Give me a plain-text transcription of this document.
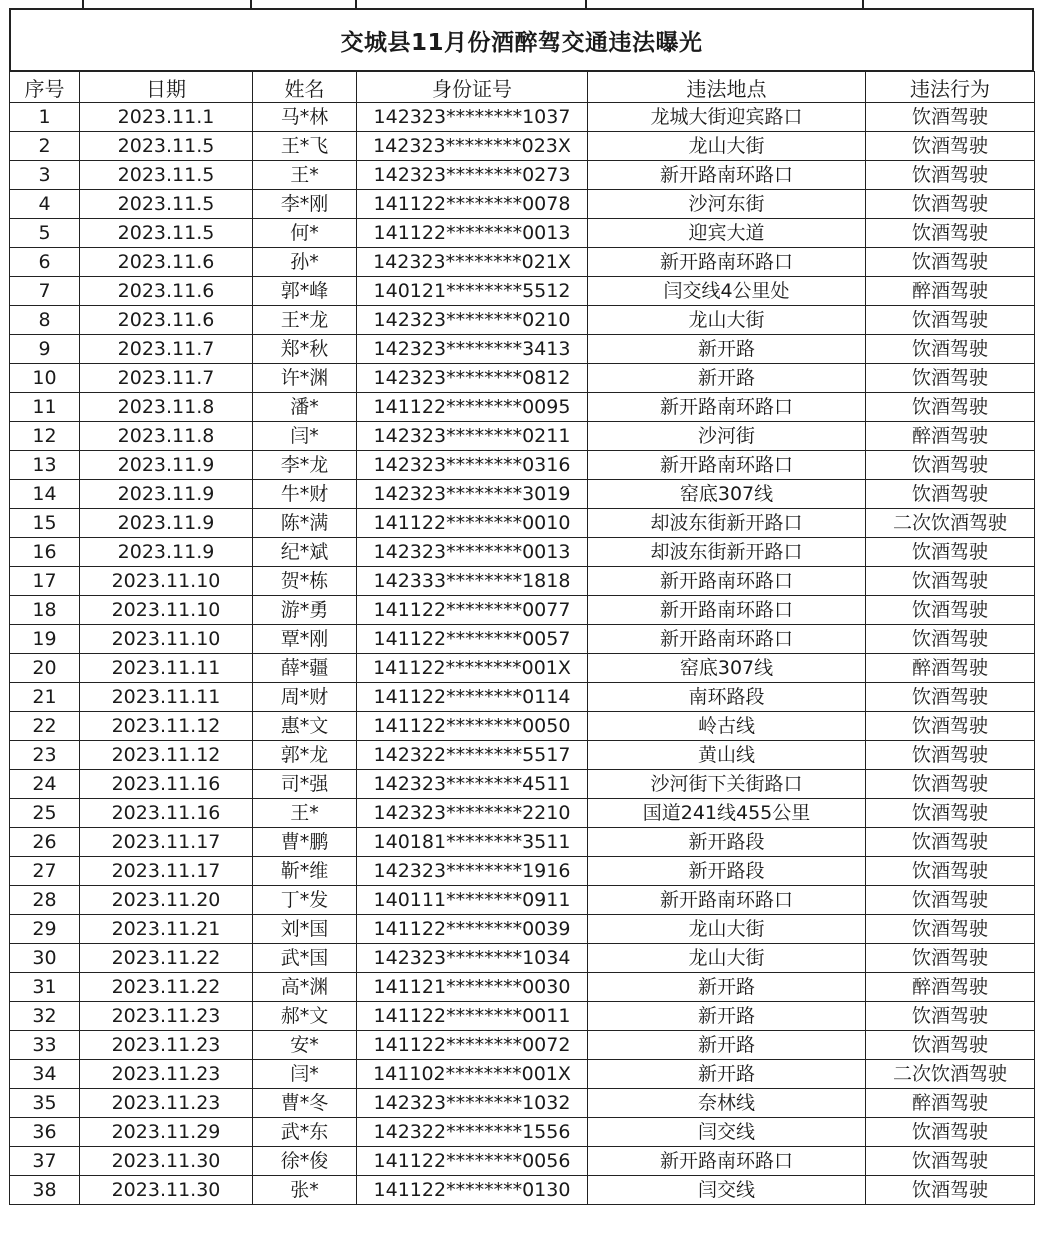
交城县11月份酒醉驾交通违法曝光
序号	日期	姓名	身份证号	违法地点	违法行为
1	2023.11.1	马*林	142323********1037	龙城大街迎宾路口	饮酒驾驶
2	2023.11.5	王*飞	142323********023X	龙山大街	饮酒驾驶
3	2023.11.5	王*	142323********0273	新开路南环路口	饮酒驾驶
4	2023.11.5	李*刚	141122********0078	沙河东街	饮酒驾驶
5	2023.11.5	何*	141122********0013	迎宾大道	饮酒驾驶
6	2023.11.6	孙*	142323********021X	新开路南环路口	饮酒驾驶
7	2023.11.6	郭*峰	140121********5512	闫交线4公里处	醉酒驾驶
8	2023.11.6	王*龙	142323********0210	龙山大街	饮酒驾驶
9	2023.11.7	郑*秋	142323********3413	新开路	饮酒驾驶
10	2023.11.7	许*渊	142323********0812	新开路	饮酒驾驶
11	2023.11.8	潘*	141122********0095	新开路南环路口	饮酒驾驶
12	2023.11.8	闫*	142323********0211	沙河街	醉酒驾驶
13	2023.11.9	李*龙	142323********0316	新开路南环路口	饮酒驾驶
14	2023.11.9	牛*财	142323********3019	窑底307线	饮酒驾驶
15	2023.11.9	陈*满	141122********0010	却波东街新开路口	二次饮酒驾驶
16	2023.11.9	纪*斌	142323********0013	却波东街新开路口	饮酒驾驶
17	2023.11.10	贺*栋	142333********1818	新开路南环路口	饮酒驾驶
18	2023.11.10	游*勇	141122********0077	新开路南环路口	饮酒驾驶
19	2023.11.10	覃*刚	141122********0057	新开路南环路口	饮酒驾驶
20	2023.11.11	薛*疆	141122********001X	窑底307线	醉酒驾驶
21	2023.11.11	周*财	141122********0114	南环路段	饮酒驾驶
22	2023.11.12	惠*文	141122********0050	岭古线	饮酒驾驶
23	2023.11.12	郭*龙	142322********5517	黄山线	饮酒驾驶
24	2023.11.16	司*强	142323********4511	沙河街下关街路口	饮酒驾驶
25	2023.11.16	王*	142323********2210	国道241线455公里	饮酒驾驶
26	2023.11.17	曹*鹏	140181********3511	新开路段	饮酒驾驶
27	2023.11.17	靳*维	142323********1916	新开路段	饮酒驾驶
28	2023.11.20	丁*发	140111********0911	新开路南环路口	饮酒驾驶
29	2023.11.21	刘*国	141122********0039	龙山大街	饮酒驾驶
30	2023.11.22	武*国	142323********1034	龙山大街	饮酒驾驶
31	2023.11.22	高*渊	141121********0030	新开路	醉酒驾驶
32	2023.11.23	郝*文	141122********0011	新开路	饮酒驾驶
33	2023.11.23	安*	141122********0072	新开路	饮酒驾驶
34	2023.11.23	闫*	141102********001X	新开路	二次饮酒驾驶
35	2023.11.23	曹*冬	142323********1032	奈林线	醉酒驾驶
36	2023.11.29	武*东	142322********1556	闫交线	饮酒驾驶
37	2023.11.30	徐*俊	141122********0056	新开路南环路口	饮酒驾驶
38	2023.11.30	张*	141122********0130	闫交线	饮酒驾驶
